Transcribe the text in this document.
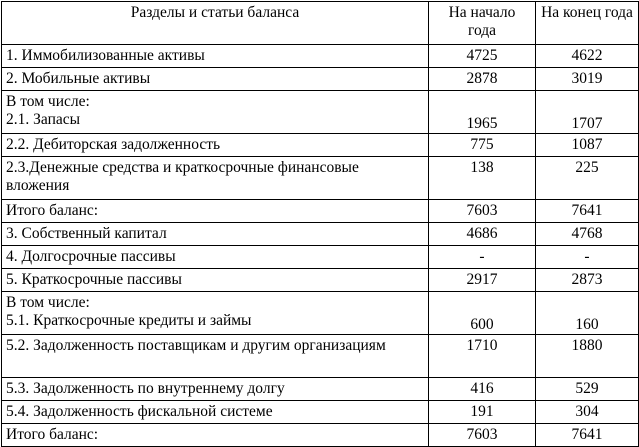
Разделы и статьи баланса	На начало года	На конец года
1. Иммобилизованные активы	4725	4622
2. Мобильные активы	2878	3019
В том числе:
2.1. Запасы	1965	1707
2.2. Дебиторская задолженность	775	1087
2.3.Денежные средства и краткосрочные финансовые вложения	138	225
Итого баланс:	7603	7641
3. Собственный капитал	4686	4768
4. Долгосрочные пассивы	-	-
5. Краткосрочные пассивы	2917	2873
В том числе:
5.1. Краткосрочные кредиты и займы	600	160
5.2. Задолженность поставщикам и другим организациям	1710	1880
5.3. Задолженность по внутреннему долгу	416	529
5.4. Задолженность фискальной системе	191	304
Итого баланс:	7603	7641
